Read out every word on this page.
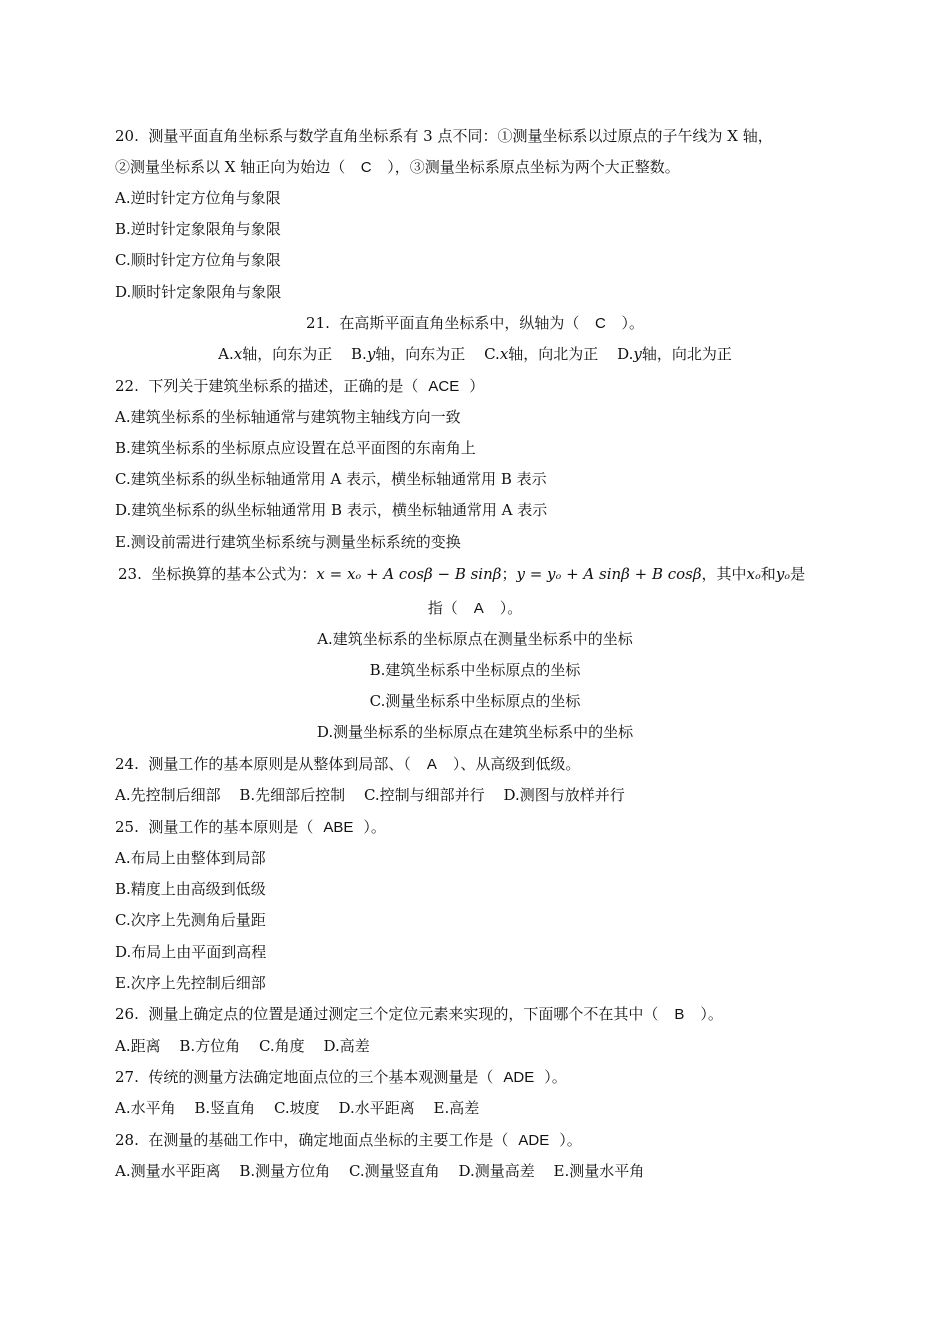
20.  测量平面直角坐标系与数学直角坐标系有 3 点不同：①测量坐标系以过原点的子午线为 X 轴，
②测量坐标系以 X 轴正向为始边（ C ），③测量坐标系原点坐标为两个大正整数。
A.逆时针定方位角与象限
B.逆时针定象限角与象限
C.顺时针定方位角与象限
D.顺时针定象限角与象限
21.  在高斯平面直角坐标系中，纵轴为（ C ）。
A.x轴，向东为正 B.y轴，向东为正 C.x轴，向北为正 D.y轴，向北为正
22.  下列关于建筑坐标系的描述，正确的是（ ACE ）
A.建筑坐标系的坐标轴通常与建筑物主轴线方向一致
B.建筑坐标系的坐标原点应设置在总平面图的东南角上
C.建筑坐标系的纵坐标轴通常用 A 表示，横坐标轴通常用 B 表示
D.建筑坐标系的纵坐标轴通常用 B 表示，横坐标轴通常用 A 表示
E.测设前需进行建筑坐标系统与测量坐标系统的变换
23.  坐标换算的基本公式为：x = xₒ + A cosβ − B sinβ；y = yₒ + A sinβ + B cosβ，其中xₒ和yₒ是
指（ A ）。
A.建筑坐标系的坐标原点在测量坐标系中的坐标
B.建筑坐标系中坐标原点的坐标
C.测量坐标系中坐标原点的坐标
D.测量坐标系的坐标原点在建筑坐标系中的坐标
24.  测量工作的基本原则是从整体到局部、（ A ）、从高级到低级。
A.先控制后细部 B.先细部后控制 C.控制与细部并行 D.测图与放样并行
25.  测量工作的基本原则是（ ABE ）。
A.布局上由整体到局部
B.精度上由高级到低级
C.次序上先测角后量距
D.布局上由平面到高程
E.次序上先控制后细部
26.  测量上确定点的位置是通过测定三个定位元素来实现的，下面哪个不在其中（ B ）。
A.距离 B.方位角 C.角度 D.高差
27.  传统的测量方法确定地面点位的三个基本观测量是（ ADE ）。
A.水平角 B.竖直角 C.坡度 D.水平距离 E.高差
28.  在测量的基础工作中，确定地面点坐标的主要工作是（ ADE ）。
A.测量水平距离 B.测量方位角 C.测量竖直角 D.测量高差 E.测量水平角
